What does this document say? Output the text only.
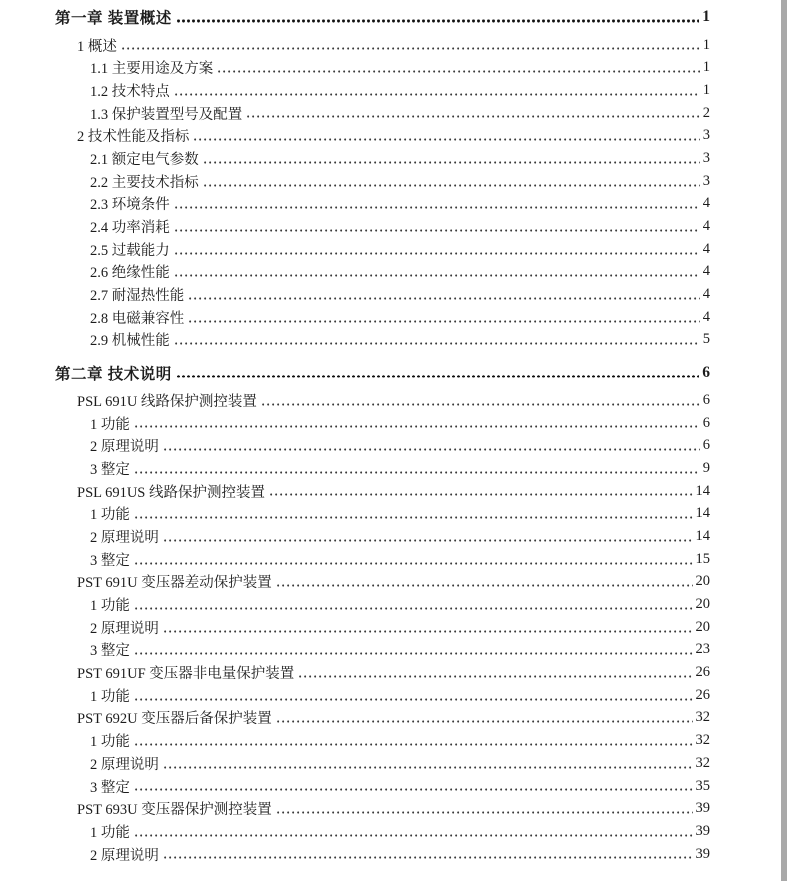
第一章 装置概述	1
1 概述	1
1.1 主要用途及方案	1
1.2 技术特点	1
1.3 保护装置型号及配置	2
2 技术性能及指标	3
2.1 额定电气参数	3
2.2 主要技术指标	3
2.3 环境条件	4
2.4 功率消耗	4
2.5 过载能力	4
2.6 绝缘性能	4
2.7 耐湿热性能	4
2.8 电磁兼容性	4
2.9 机械性能	5
第二章 技术说明	6
PSL 691U 线路保护测控装置	6
1 功能	6
2 原理说明	6
3 整定	9
PSL 691US 线路保护测控装置	14
1 功能	14
2 原理说明	14
3 整定	15
PST 691U 变压器差动保护装置	20
1 功能	20
2 原理说明	20
3 整定	23
PST 691UF 变压器非电量保护装置	26
1 功能	26
PST 692U 变压器后备保护装置	32
1 功能	32
2 原理说明	32
3 整定	35
PST 693U 变压器保护测控装置	39
1 功能	39
2 原理说明	39
